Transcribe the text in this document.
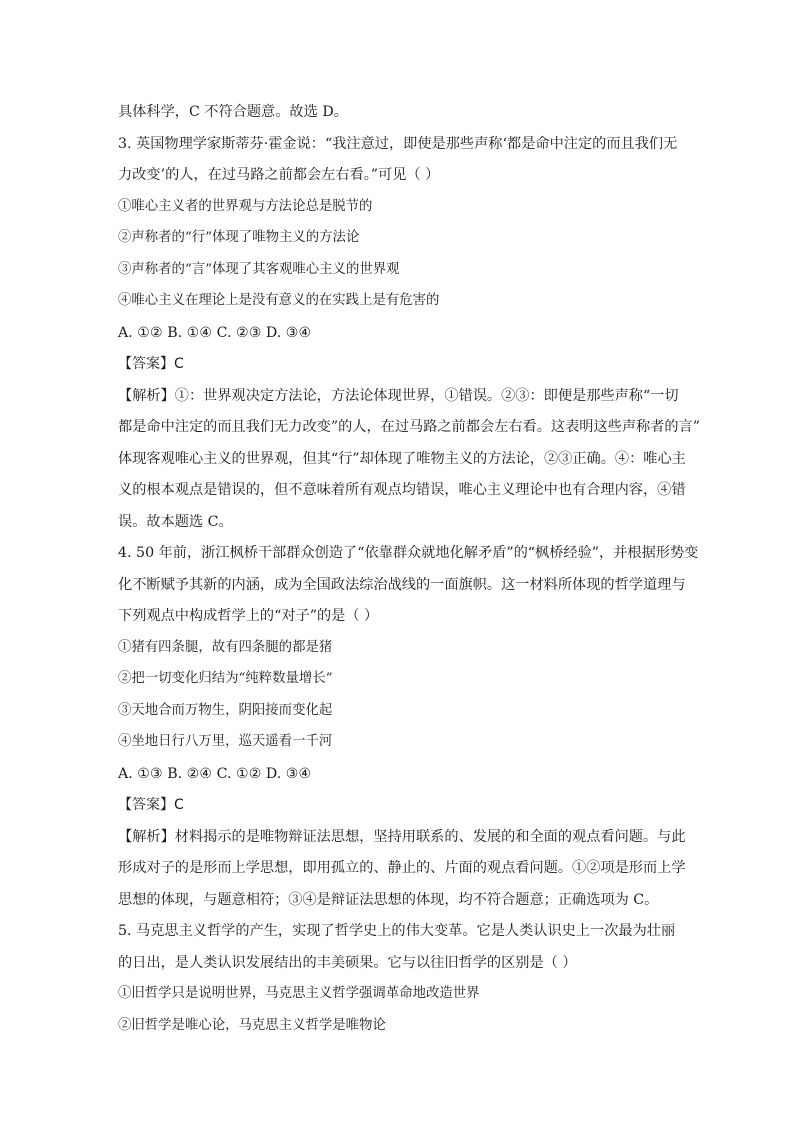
具体科学，C 不符合题意。故选 D。
3. 英国物理学家斯蒂芬·霍金说：“我注意过，即使是那些声称‘都是命中注定的而且我们无
力改变’的人，在过马路之前都会左右看。”可见（ ）
①唯心主义者的世界观与方法论总是脱节的
②声称者的“行”体现了唯物主义的方法论
③声称者的“言”体现了其客观唯心主义的世界观
④唯心主义在理论上是没有意义的在实践上是有危害的
A. ①② B. ①④ C. ②③ D. ③④
【答案】C
【解析】①：世界观决定方法论，方法论体现世界，①错误。②③：即便是那些声称“一切
都是命中注定的而且我们无力改变”的人，在过马路之前都会左右看。这表明这些声称者的言”
体现客观唯心主义的世界观，但其“行”却体现了唯物主义的方法论，②③正确。④：唯心主
义的根本观点是错误的，但不意味着所有观点均错误，唯心主义理论中也有合理内容，④错
误。故本题选 C。
4. 50 年前，浙江枫桥干部群众创造了“依靠群众就地化解矛盾”的“枫桥经验”，并根据形势变
化不断赋予其新的内涵，成为全国政法综治战线的一面旗帜。这一材料所体现的哲学道理与
下列观点中构成哲学上的“对子”的是（ ）
①猪有四条腿，故有四条腿的都是猪
②把一切变化归结为“纯粹数量增长”
③天地合而万物生，阴阳接而变化起
④坐地日行八万里，巡天遥看一千河
A. ①③ B. ②④ C. ①② D. ③④
【答案】C
【解析】材料揭示的是唯物辩证法思想，坚持用联系的、发展的和全面的观点看问题。与此
形成对子的是形而上学思想，即用孤立的、静止的、片面的观点看问题。①②项是形而上学
思想的体现，与题意相符；③④是辩证法思想的体现，均不符合题意；正确选项为 C。
5. 马克思主义哲学的产生，实现了哲学史上的伟大变革。它是人类认识史上一次最为壮丽
的日出，是人类认识发展结出的丰美硕果。它与以往旧哲学的区别是（ ）
①旧哲学只是说明世界，马克思主义哲学强调革命地改造世界
②旧哲学是唯心论，马克思主义哲学是唯物论
